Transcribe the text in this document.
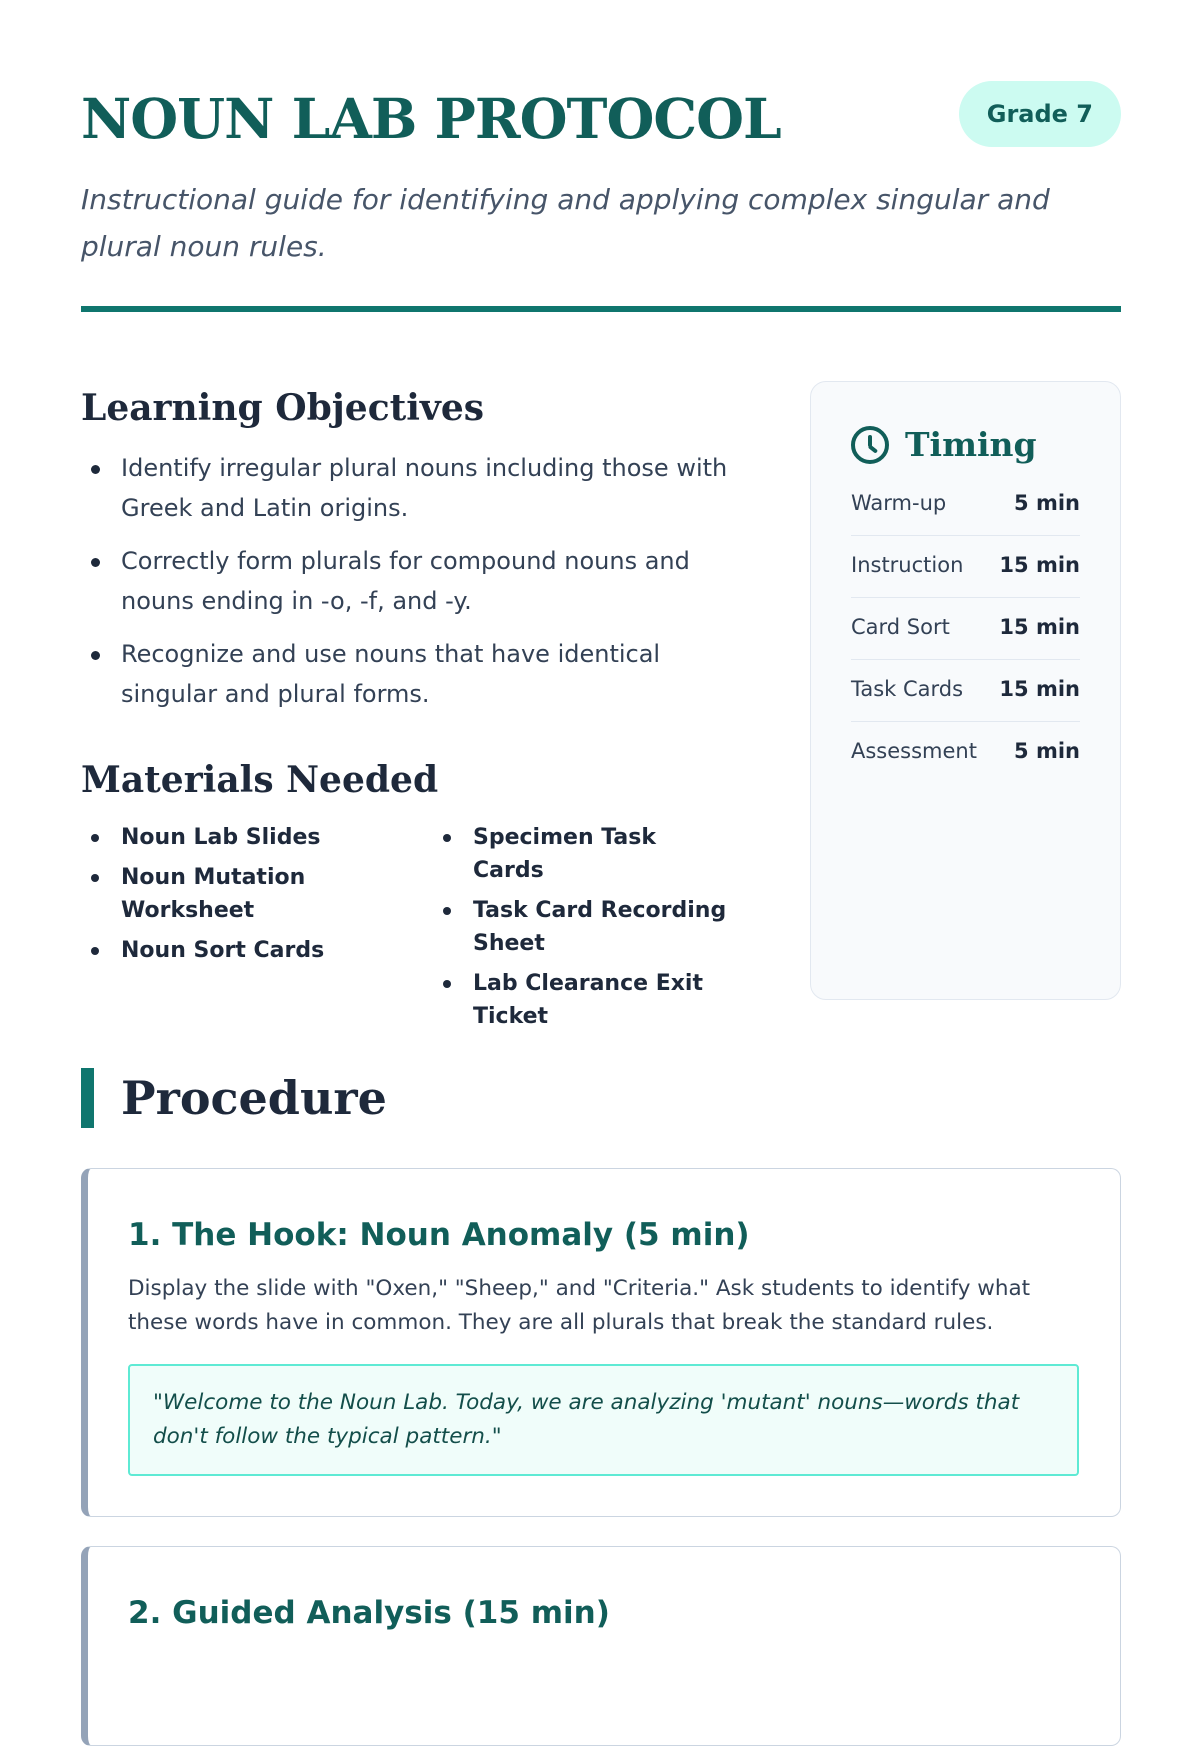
NOUN LAB PROTOCOL	Grade 7

Instructional guide for identifying and applying complex singular and plural noun rules.

Learning Objectives
Identify irregular plural nouns including those with Greek and Latin origins.
Correctly form plurals for compound nouns and nouns ending in -o, -f, and -y.
Recognize and use nouns that have identical singular and plural forms.
Materials Needed
Noun Lab Slides
Noun Mutation Worksheet
Noun Sort Cards
Specimen Task Cards
Task Card Recording Sheet
Lab Clearance Exit Ticket
Timing
Warm-up	5 min
Instruction 15 min
Card Sort 15 min
Task Cards 15 min
Assessment 5 min
Procedure
1. The Hook: Noun Anomaly (5 min)

Display the slide with "Oxen," "Sheep," and "Criteria." Ask students to identify what these words have in common. They are all plurals that break the standard rules.

"Welcome to the Noun Lab. Today, we are analyzing 'mutant' nouns—words that don't follow the typical pattern."

2. Guided Analysis (15 min)
